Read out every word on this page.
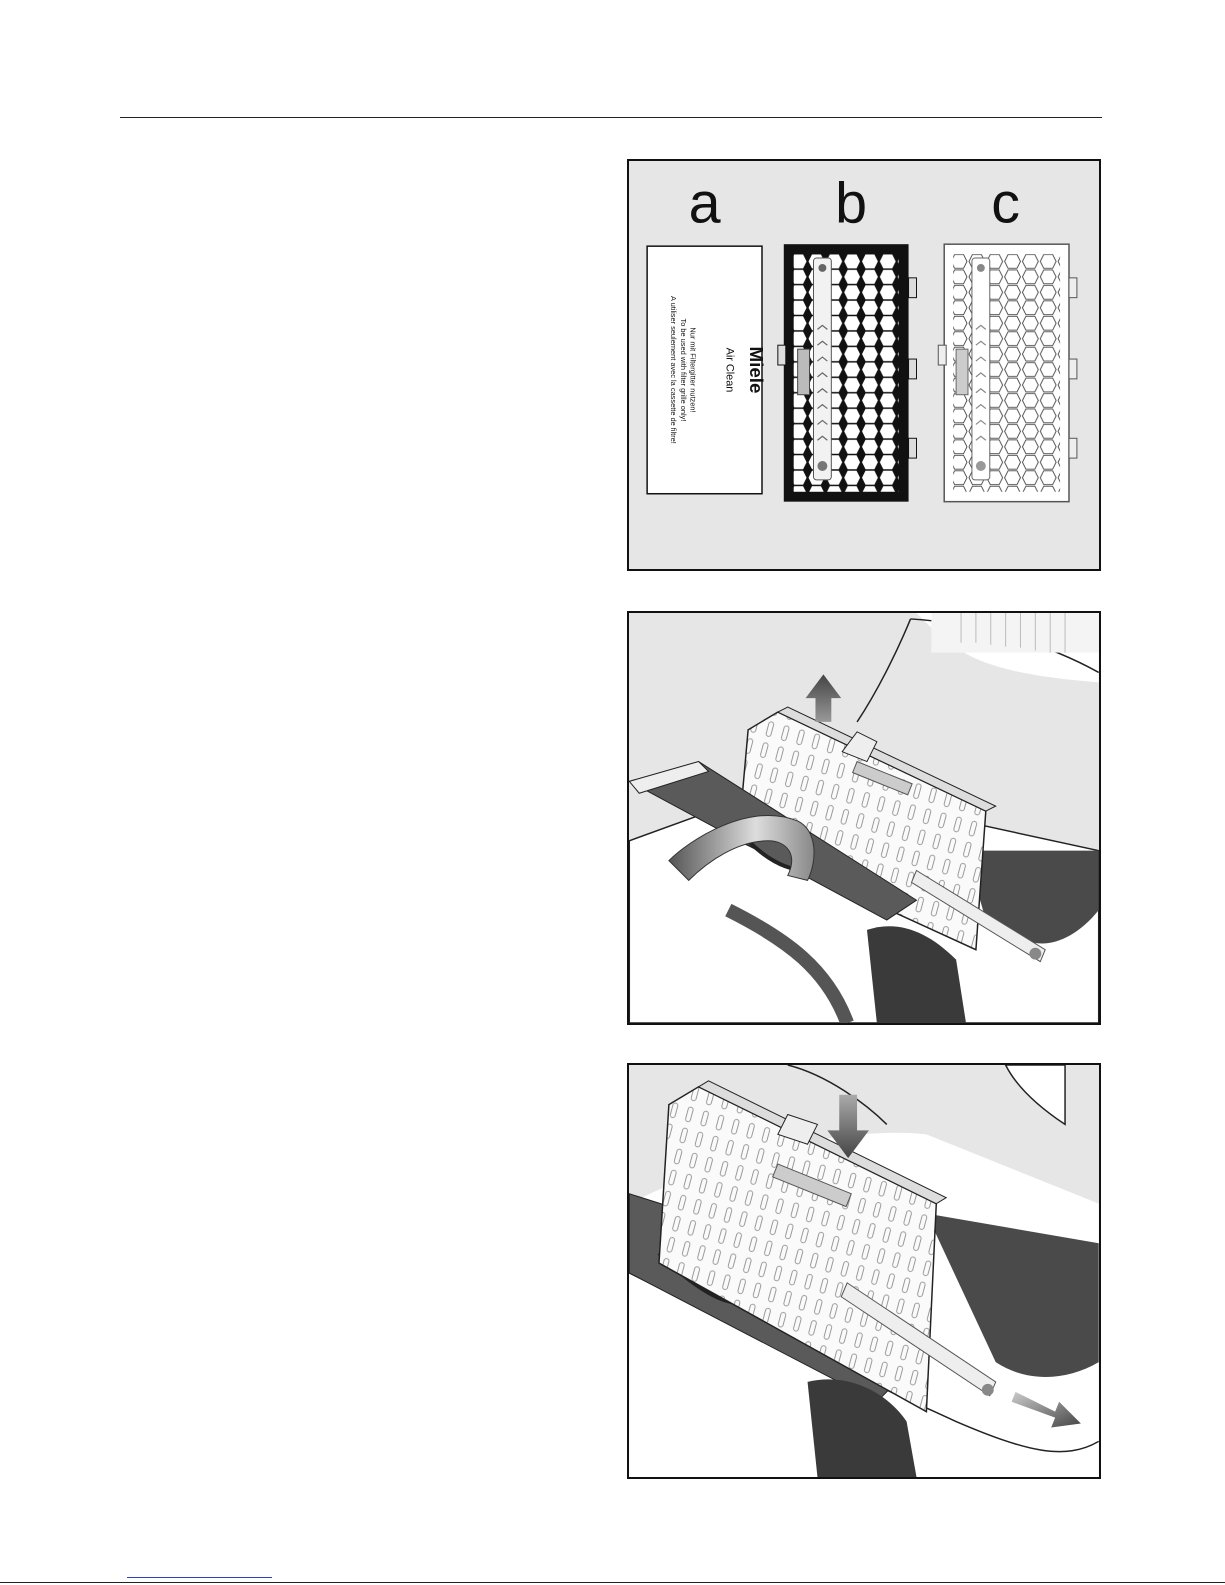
a b c
Miele
Air Clean
Nur mit Filtergitter nutzen!
To be used with filter grille only!
A utiliser seulement avec la cassette de filtre!
